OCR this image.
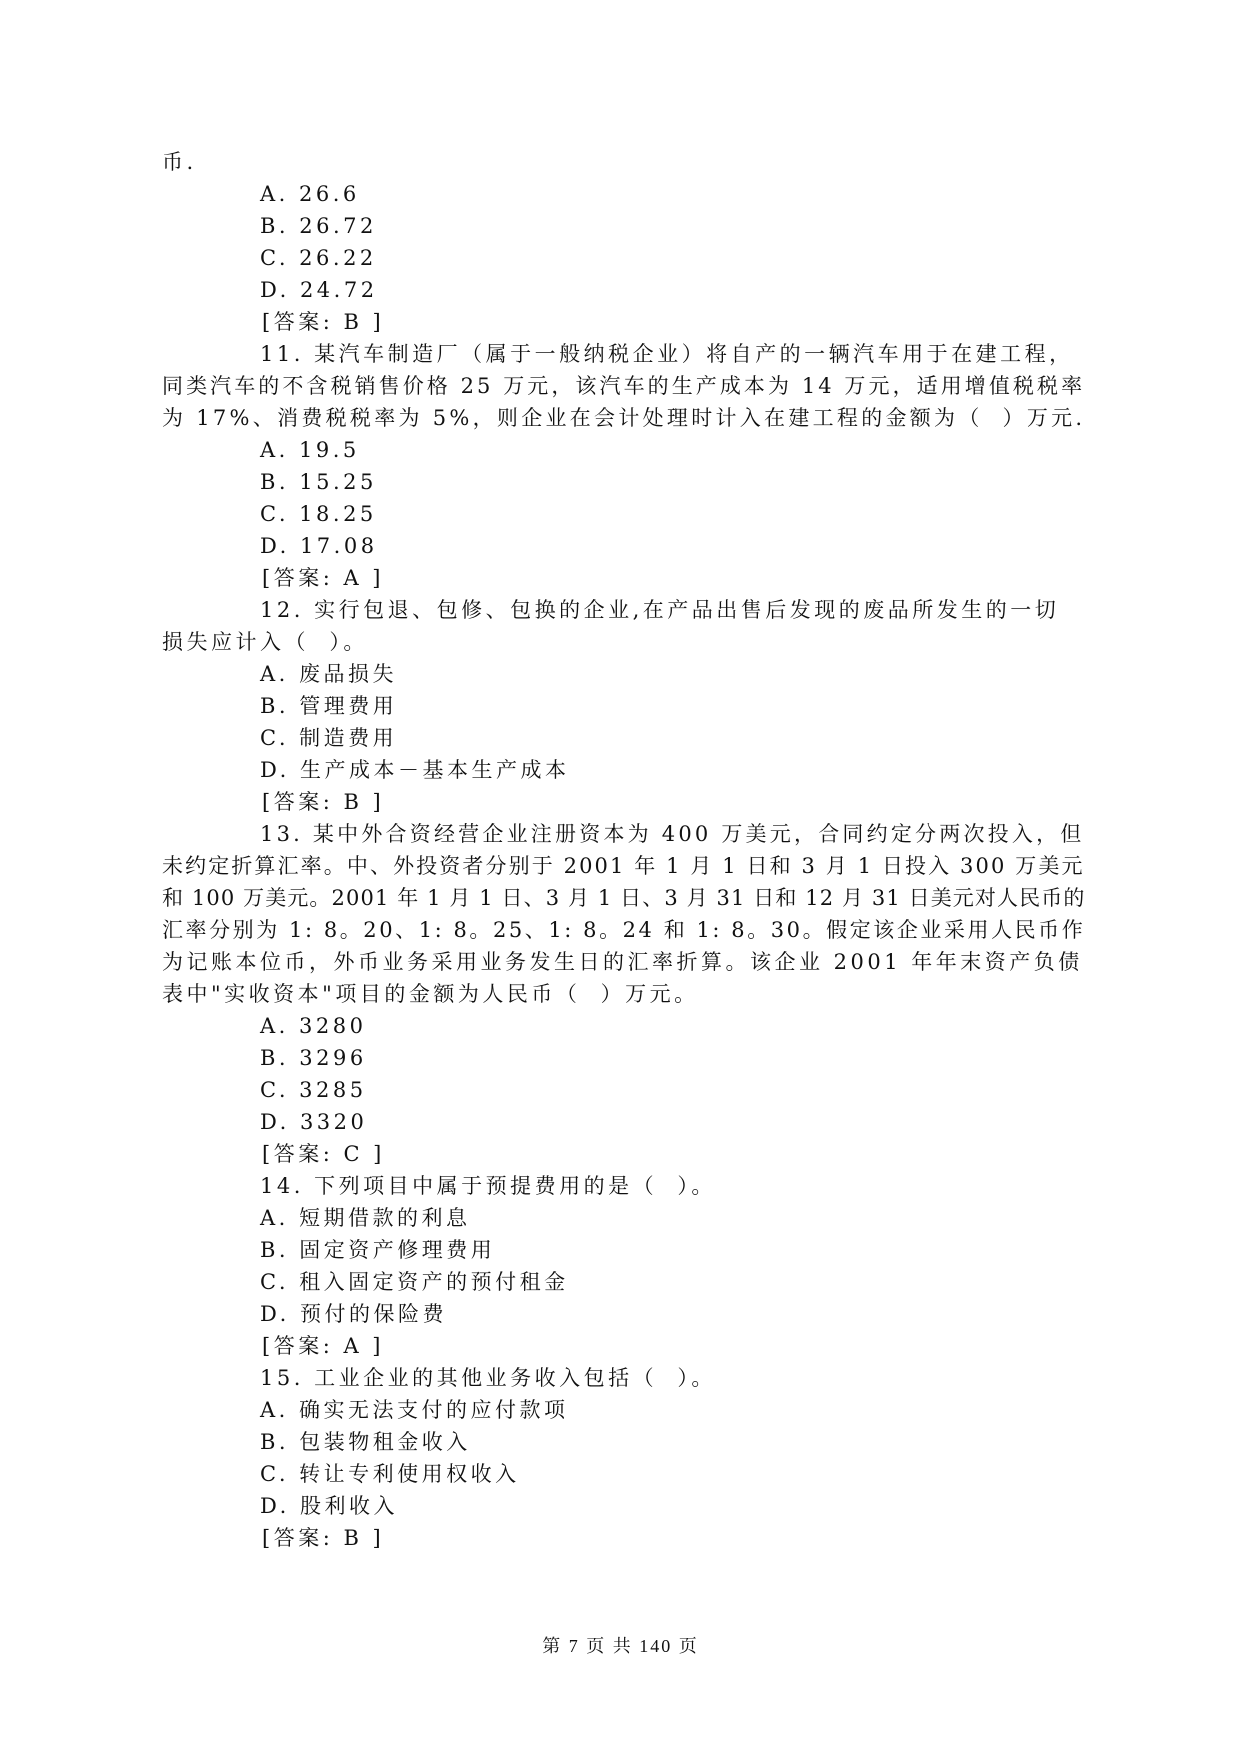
币.
A. 26.6
B. 26.72
C. 26.22
D. 24.72
[答案: B ]
11. 某汽车制造厂（属于一般纳税企业）将自产的一辆汽车用于在建工程，
同类汽车的不含税销售价格 25 万元，该汽车的生产成本为 14 万元，适用增值税税率
为 17%、消费税税率为 5%，则企业在会计处理时计入在建工程的金额为（  ）万元.
A. 19.5
B. 15.25
C. 18.25
D. 17.08
[答案: A ]
12. 实行包退、包修、包换的企业,在产品出售后发现的废品所发生的一切
损失应计入（  ）。
A. 废品损失
B. 管理费用
C. 制造费用
D. 生产成本－基本生产成本
[答案: B ]
13. 某中外合资经营企业注册资本为 400 万美元，合同约定分两次投入，但
未约定折算汇率。中、外投资者分别于 2001 年 1 月 1 日和 3 月 1 日投入 300 万美元
和 100 万美元。2001 年 1 月 1 日、3 月 1 日、3 月 31 日和 12 月 31 日美元对人民币的
汇率分别为 1: 8。20、1: 8。25、1: 8。24 和 1: 8。30。假定该企业采用人民币作
为记账本位币，外币业务采用业务发生日的汇率折算。该企业 2001 年年末资产负债
表中"实收资本"项目的金额为人民币（  ）万元。
A. 3280
B. 3296
C. 3285
D. 3320
[答案: C ]
14. 下列项目中属于预提费用的是（  ）。
A. 短期借款的利息
B. 固定资产修理费用
C. 租入固定资产的预付租金
D. 预付的保险费
[答案: A ]
15. 工业企业的其他业务收入包括（  ）。
A. 确实无法支付的应付款项
B. 包装物租金收入
C. 转让专利使用权收入
D. 股利收入
[答案: B ]
第 7 页 共 140 页
